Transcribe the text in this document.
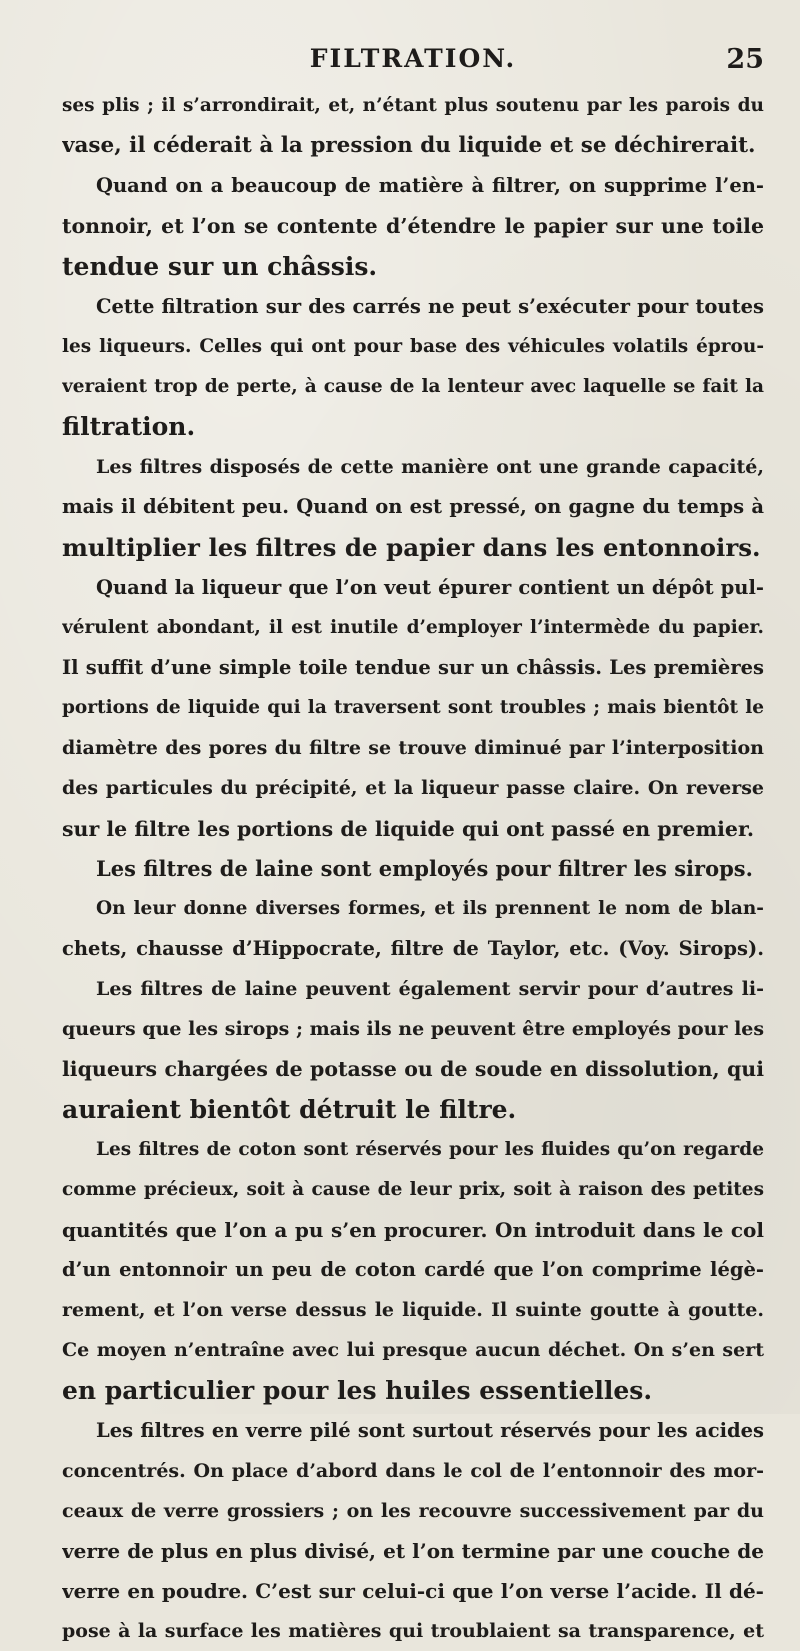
FILTRATION.	25
ses plis ; il s’arrondirait, et, n’étant plus soutenu par les parois du
vase, il céderait à la pression du liquide et se déchirerait.
Quand on a beaucoup de matière à filtrer, on supprime l’en-
tonnoir, et l’on se contente d’étendre le papier sur une toile
tendue sur un châssis.
Cette filtration sur des carrés ne peut s’exécuter pour toutes
les liqueurs. Celles qui ont pour base des véhicules volatils éprou-
veraient trop de perte, à cause de la lenteur avec laquelle se fait la
filtration.
Les filtres disposés de cette manière ont une grande capacité,
mais il débitent peu. Quand on est pressé, on gagne du temps à
multiplier les filtres de papier dans les entonnoirs.
Quand la liqueur que l’on veut épurer contient un dépôt pul-
vérulent abondant, il est inutile d’employer l’intermède du papier.
Il suffit d’une simple toile tendue sur un châssis. Les premières
portions de liquide qui la traversent sont troubles ; mais bientôt le
diamètre des pores du filtre se trouve diminué par l’interposition
des particules du précipité, et la liqueur passe claire. On reverse
sur le filtre les portions de liquide qui ont passé en premier.
Les filtres de laine sont employés pour filtrer les sirops.
On leur donne diverses formes, et ils prennent le nom de blan-
chets, chausse d’Hippocrate, filtre de Taylor, etc. (Voy. Sirops).
Les filtres de laine peuvent également servir pour d’autres li-
queurs que les sirops ; mais ils ne peuvent être employés pour les
liqueurs chargées de potasse ou de soude en dissolution, qui
auraient bientôt détruit le filtre.
Les filtres de coton sont réservés pour les fluides qu’on regarde
comme précieux, soit à cause de leur prix, soit à raison des petites
quantités que l’on a pu s’en procurer. On introduit dans le col
d’un entonnoir un peu de coton cardé que l’on comprime légè-
rement, et l’on verse dessus le liquide. Il suinte goutte à goutte.
Ce moyen n’entraîne avec lui presque aucun déchet. On s’en sert
en particulier pour les huiles essentielles.
Les filtres en verre pilé sont surtout réservés pour les acides
concentrés. On place d’abord dans le col de l’entonnoir des mor-
ceaux de verre grossiers ; on les recouvre successivement par du
verre de plus en plus divisé, et l’on termine par une couche de
verre en poudre. C’est sur celui-ci que l’on verse l’acide. Il dé-
pose à la surface les matières qui troublaient sa transparence, et
